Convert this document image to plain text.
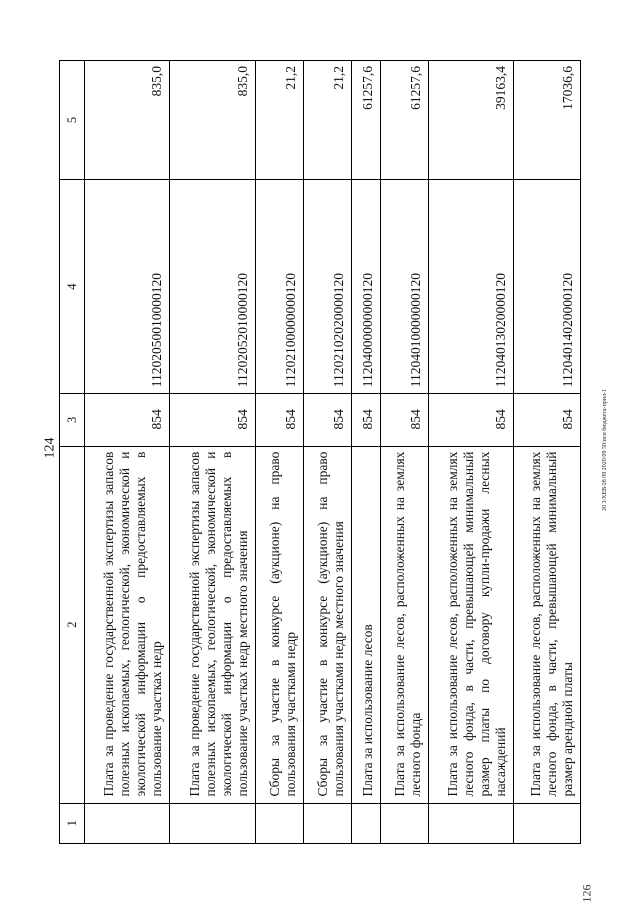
124
1	2	3	4	5
	Плата за проведение государственной экспертизы запасов полезных ископаемых, геологической, экономической и экологической информации о предоставляемых в пользование участках недр	854	11202050010000120	835,0
	Плата за проведение государственной экспертизы запасов полезных ископаемых, геологической, экономической и экологической информации о предоставляемых в пользование участках недр местного значения	854	11202052010000120	835,0
	Сборы за участие в конкурсе (аукционе) на право пользования участками недр	854	11202100000000120	21,2
	Сборы за участие в конкурсе (аукционе) на право пользования участками недр местного значения	854	11202102020000120	21,2
	Плата за использование лесов	854	11204000000000120	61257,6
	Плата за использование лесов, расположенных на землях лесного фонда	854	11204010000000120	61257,6
	Плата за использование лесов, расположенных на землях лесного фонда, в части, превышающей минимальный размер платы по договору купли-продажи лесных насаждений	854	11204013020000120	39163,4
	Плата за использование лесов, расположенных на землях лесного фонда, в части, превышающей минимальный размер арендной платы	854	11204014020000120	17036,6
20 3/ХЕВ/28 09 2020/09 50/исп бюджета-прил-1
126
